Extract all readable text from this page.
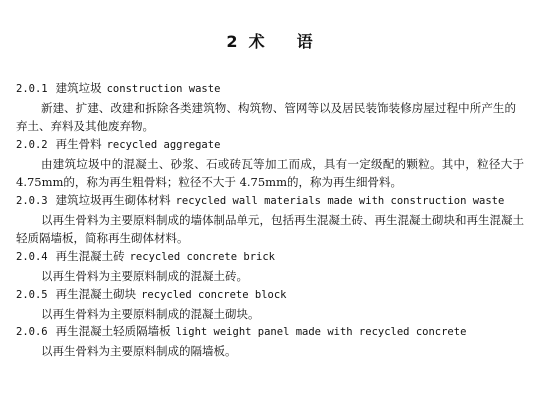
2 术　　语
2.0.1 建筑垃圾 construction waste
新建、扩建、改建和拆除各类建筑物、构筑物、管网等以及居民装饰装修房屋过程中所产生的弃土、弃料及其他废弃物。
2.0.2 再生骨料 recycled aggregate
由建筑垃圾中的混凝土、砂浆、石或砖瓦等加工而成，具有一定级配的颗粒。其中，粒径大于 4.75mm的，称为再生粗骨料；粒径不大于 4.75mm的，称为再生细骨料。
2.0.3 建筑垃圾再生砌体材料 recycled wall materials made with construction waste
以再生骨料为主要原料制成的墙体制品单元，包括再生混凝土砖、再生混凝土砌块和再生混凝土轻质隔墙板，简称再生砌体材料。
2.0.4 再生混凝土砖 recycled concrete brick
以再生骨料为主要原料制成的混凝土砖。
2.0.5 再生混凝土砌块 recycled concrete block
以再生骨料为主要原料制成的混凝土砌块。
2.0.6 再生混凝土轻质隔墙板 light weight panel made with recycled concrete
以再生骨料为主要原料制成的隔墙板。
